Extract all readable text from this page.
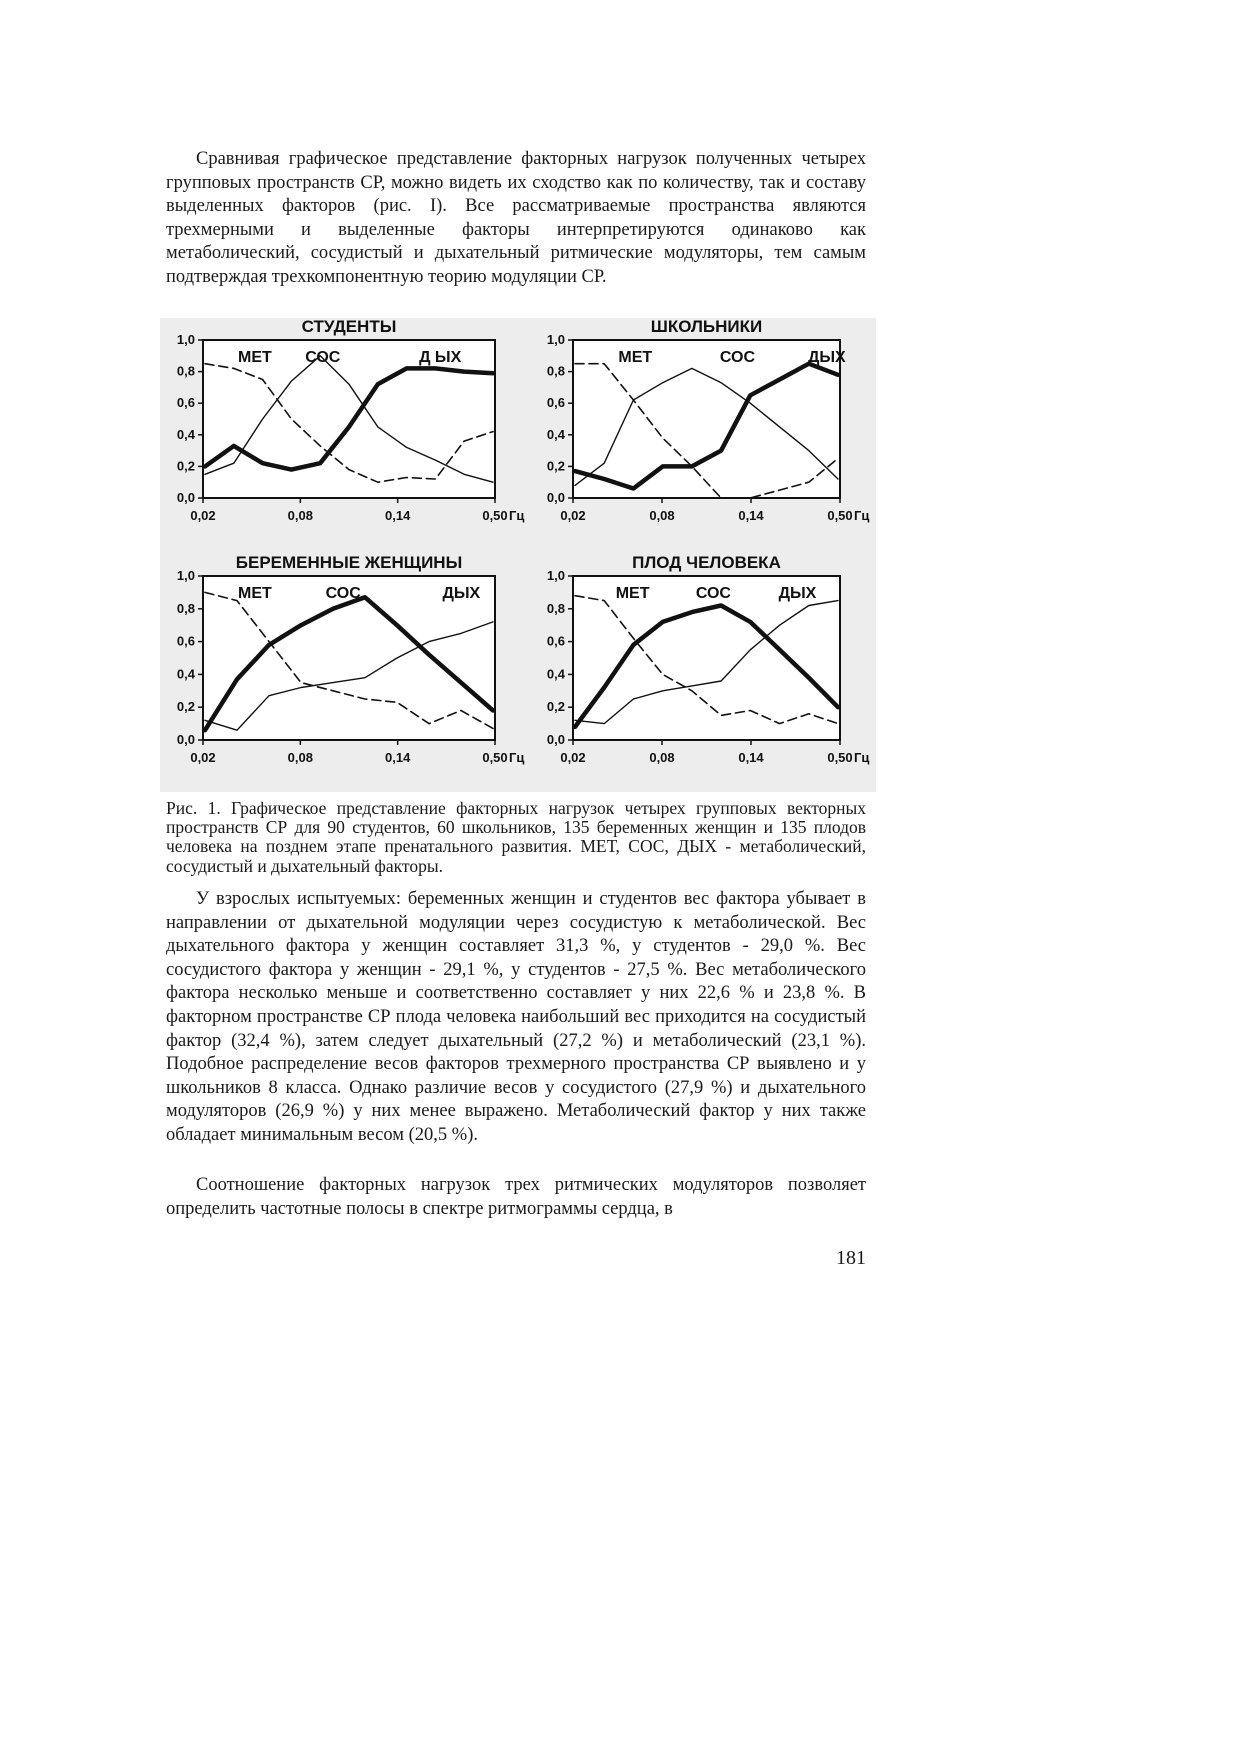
Сравнивая графическое представление факторных нагрузок полученных четырех групповых пространств СР, можно видеть их сходство как по количеству, так и составу выделенных факторов (рис. I). Все рассматриваемые пространства являются трехмерными и выделенные факторы интерпретируются одинаково как метаболический, сосудистый и дыхательный ритмические модуляторы, тем самым подтверждая трехкомпонентную теорию модуляции СР.

СТУДЕНТЫ
0,0
0,2
0,4
0,6
0,8
1,0
0,02	0,08	0,14	0,50 Гц
МЕТ СОС	Д ЫХ
ШКОЛЬНИКИ
0,0
0,2
0,4
0,6
0,8
1,0
0,02	0,08	0,14	0,50 Гц
МЕТ	СОС	ДЫХ
БЕРЕМЕННЫЕ ЖЕНЩИНЫ
0,0
0,2
0,4
0,6
0,8
1,0
0,02	0,08	0,14	0,50 Гц
МЕТ	СОС	ДЫХ
ПЛОД ЧЕЛОВЕКА
0,0
0,2
0,4
0,6
0,8
1,0
0,02	0,08	0,14	0,50 Гц
МЕТ	СОС	ДЫХ

Рис. 1. Графическое представление факторных нагрузок четырех групповых векторных пространств СР для 90 студентов, 60 школьников, 135 беременных женщин и 135 плодов человека на позднем этапе пренатального развития. МЕТ, СОС, ДЫХ - метаболический, сосудистый и дыхательный факторы.

У взрослых испытуемых: беременных женщин и студентов вес фактора убывает в направлении от дыхательной модуляции через сосудистую к метаболической. Вес дыхательного фактора у женщин составляет 31,3 %, у студентов - 29,0 %. Вес сосудистого фактора у женщин - 29,1 %, у студентов - 27,5 %. Вес метаболического фактора несколько меньше и соответственно составляет у них 22,6 % и 23,8 %. В факторном пространстве СР плода человека наибольший вес приходится на сосудистый фактор (32,4 %), затем следует дыхательный (27,2 %) и метаболический (23,1 %). Подобное распределение весов факторов трехмерного пространства СР выявлено и у школьников 8 класса. Однако различие весов у сосудистого (27,9 %) и дыхательного модуляторов (26,9 %) у них менее выражено. Метаболический фактор у них также обладает минимальным весом (20,5 %).

Соотношение факторных нагрузок трех ритмических модуляторов позволяет определить частотные полосы в спектре ритмограммы сердца, в

181
